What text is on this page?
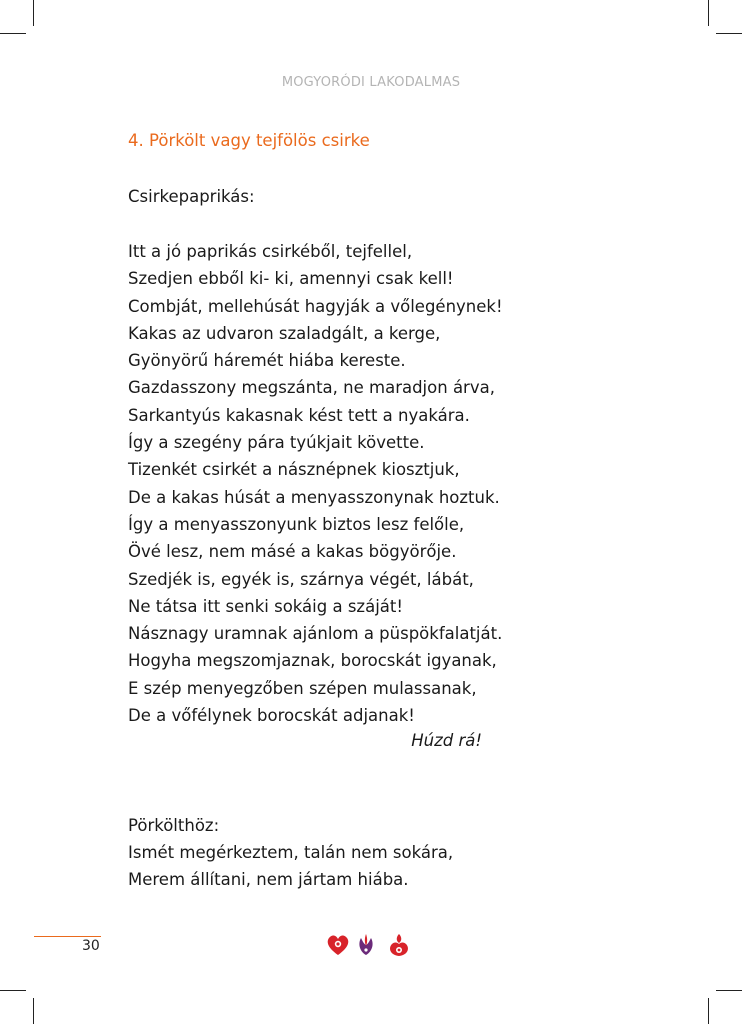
MOGYORÓDI LAKODALMAS
4. Pörkölt vagy tejfölös csirke
Csirkepaprikás:
Itt a jó paprikás csirkéből, tejfellel,
Szedjen ebből ki- ki, amennyi csak kell!
Combját, mellehúsát hagyják a vőlegénynek!
Kakas az udvaron szaladgált, a kerge,
Gyönyörű háremét hiába kereste.
Gazdasszony megszánta, ne maradjon árva,
Sarkantyús kakasnak kést tett a nyakára.
Így a szegény pára tyúkjait követte.
Tizenkét csirkét a násznépnek kiosztjuk,
De a kakas húsát a menyasszonynak hoztuk.
Így a menyasszonyunk biztos lesz felőle,
Övé lesz, nem másé a kakas bögyörője.
Szedjék is, egyék is, szárnya végét, lábát,
Ne tátsa itt senki sokáig a száját!
Násznagy uramnak ajánlom a püspökfalatját.
Hogyha megszomjaznak, borocskát igyanak,
E szép menyegzőben szépen mulassanak,
De a vőfélynek borocskát adjanak!
Húzd rá!
Pörkölthöz:
Ismét megérkeztem, talán nem sokára,
Merem állítani, nem jártam hiába.
30
